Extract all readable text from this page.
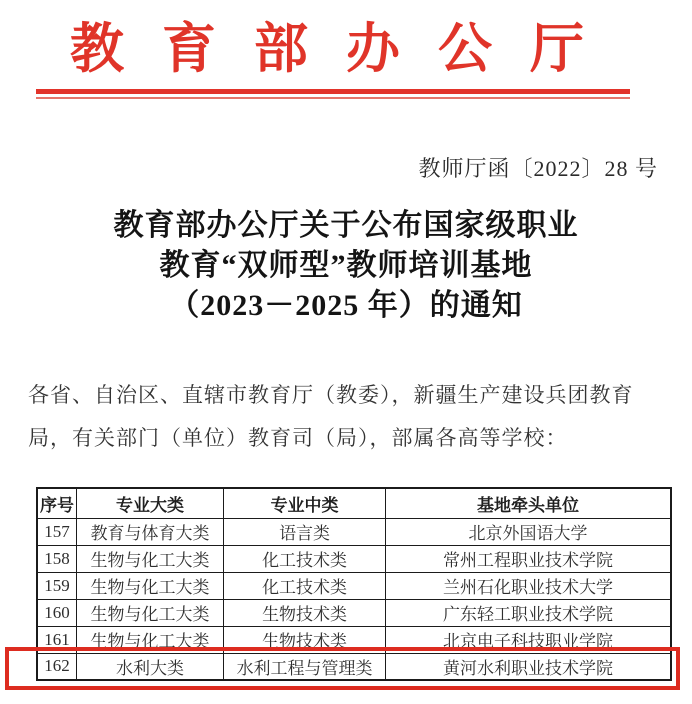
教育部办公厅
教师厅函〔2022〕28 号
教育部办公厅关于公布国家级职业
教育“双师型”教师培训基地
（2023－2025 年）的通知
各省、自治区、直辖市教育厅（教委），新疆生产建设兵团教育
局，有关部门（单位）教育司（局），部属各高等学校：
序号	专业大类	专业中类	基地牵头单位
157	教育与体育大类	语言类	北京外国语大学
158	生物与化工大类	化工技术类	常州工程职业技术学院
159	生物与化工大类	化工技术类	兰州石化职业技术大学
160	生物与化工大类	生物技术类	广东轻工职业技术学院
161	生物与化工大类	生物技术类	北京电子科技职业学院
162	水利大类	水利工程与管理类	黄河水利职业技术学院
